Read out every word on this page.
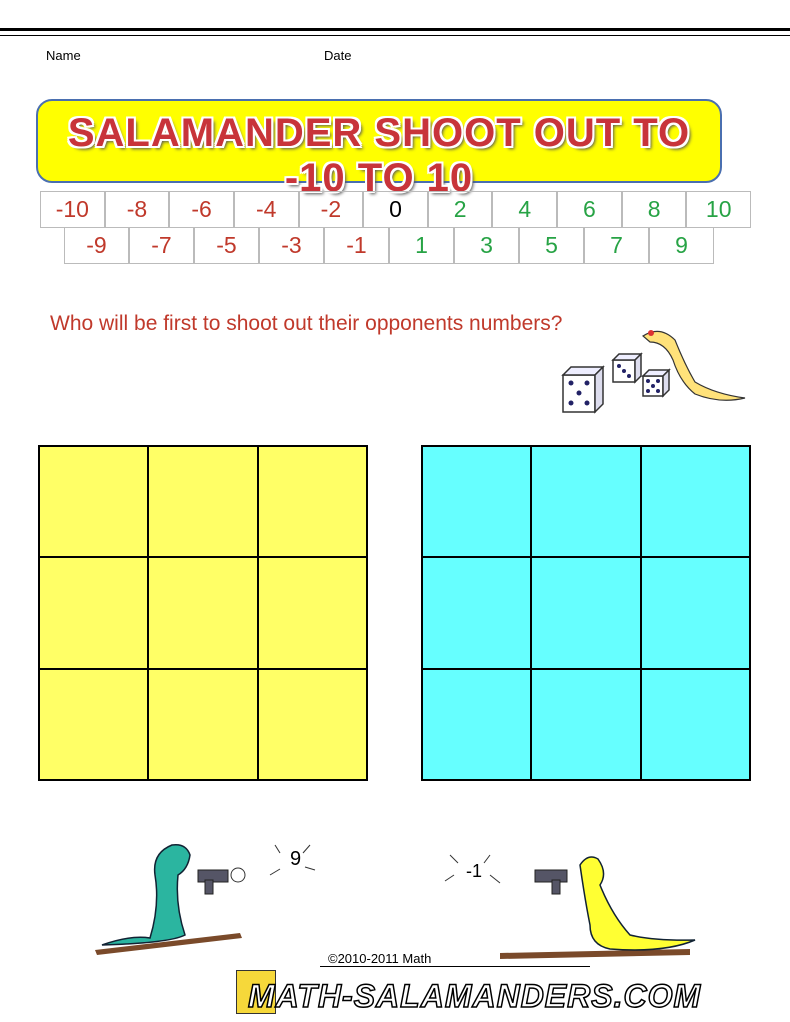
Name	Date
SALAMANDER SHOOT OUT TO -10 TO 10
-10	-8	-6	-4	-2	0	2	4	6	8	10
-9	-7	-5	-3	-1	1	3	5	7	9
Who will be first to shoot out their opponents numbers?
9
-1
©2010-2011 Math
MATH-SALAMANDERS.COM
